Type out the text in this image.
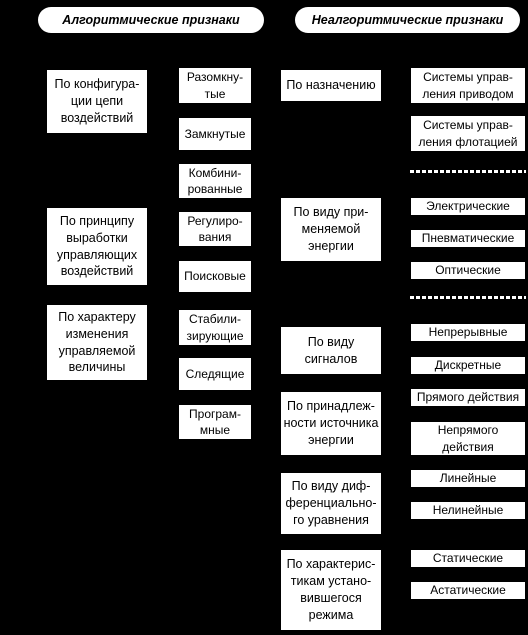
Алгоритмические признаки	Неалгоритмические признаки
По конфигура-
ции цепи
воздействий
По принципу
выработки
управляющих
воздействий
По характеру
изменения
управляемой
величины
Разомкну-
тые
Замкнутые
Комбини-
рованные
Регулиро-
вания
Поисковые
Стабили-
зирующие
Следящие
Програм-
мные
По назначению
По виду при-
меняемой
энергии
По виду
сигналов
По принадлеж-
ности источника
энергии
По виду диф-
ференциально-
го уравнения
По характерис-
тикам устано-
вившегося
режима
Системы управ-
ления приводом
Системы управ-
ления флотацией
Электрические
Пневматические
Оптические
Непрерывные
Дискретные
Прямого действия
Непрямого
действия
Линейные
Нелинейные
Статические
Астатические
